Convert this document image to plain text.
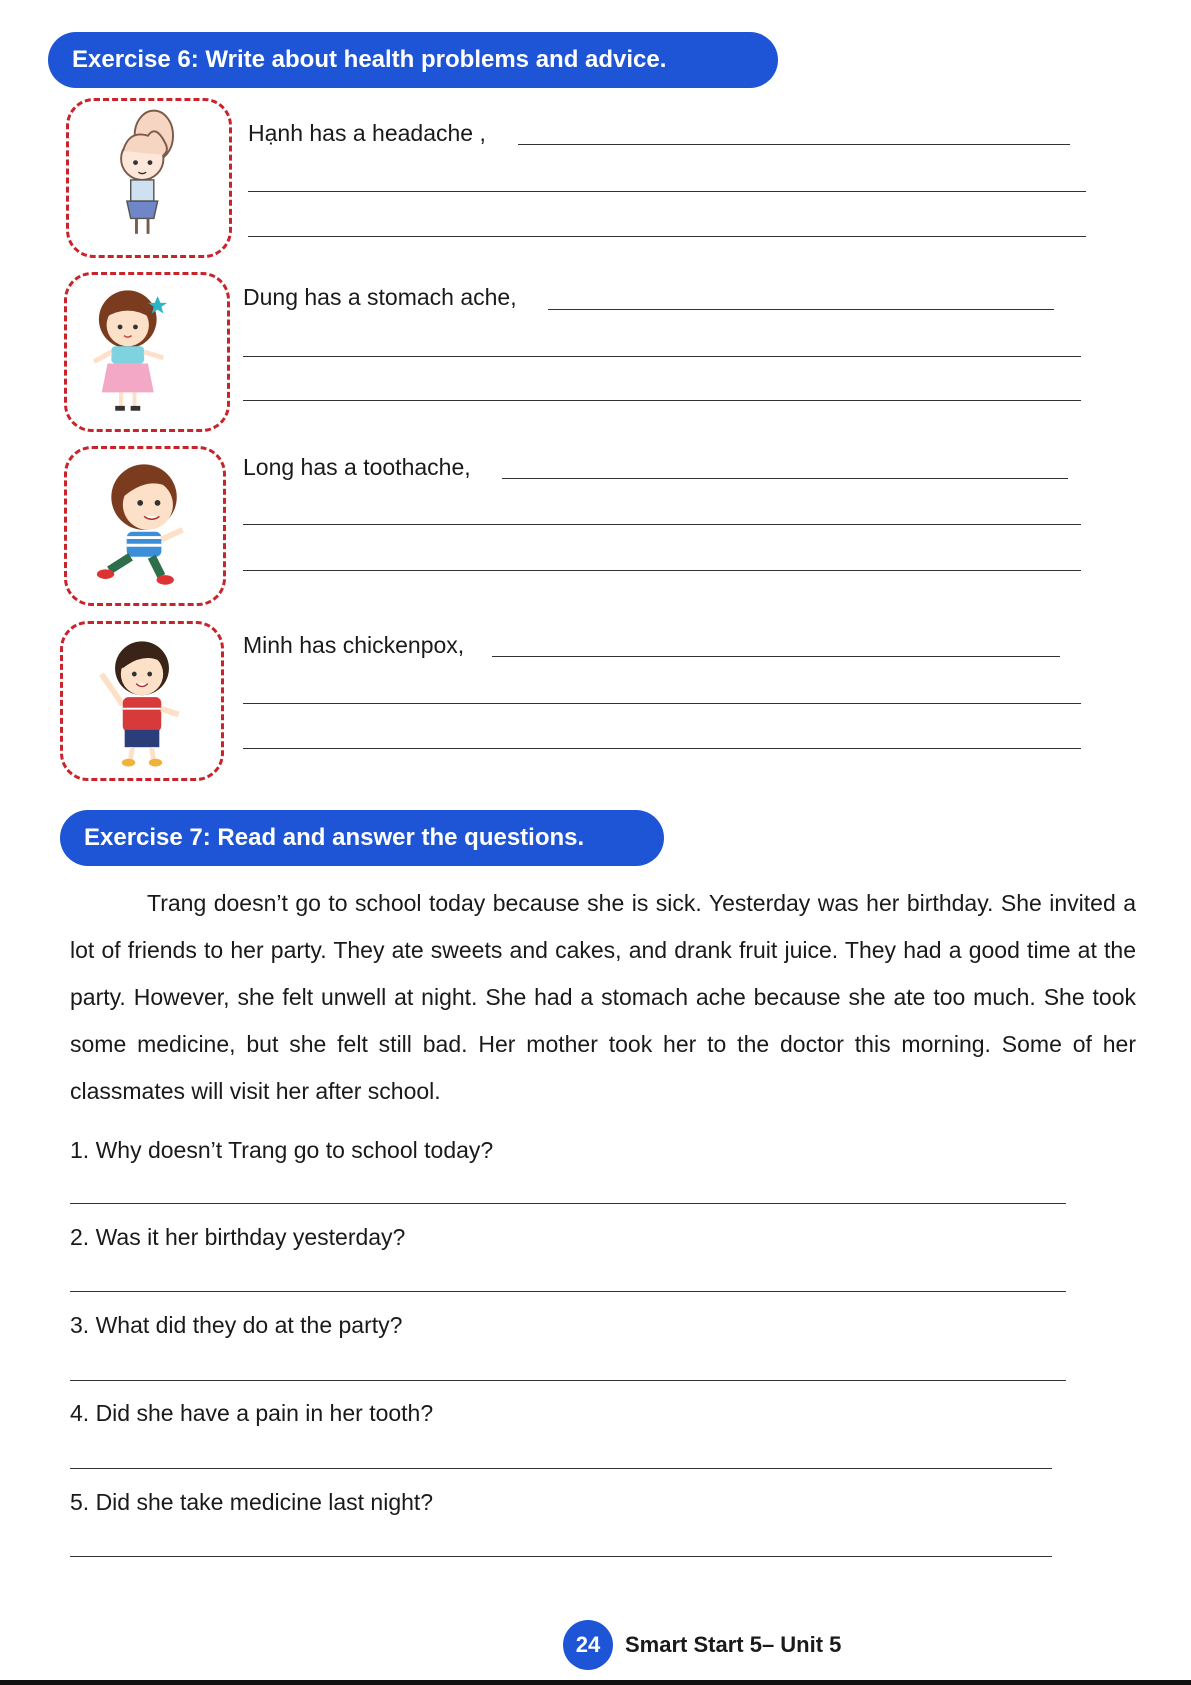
Exercise 6: Write about health problems and advice.
Hạnh has a headache ,
Dung has a stomach ache,
Long has a toothache,
Minh has chickenpox,
Exercise 7: Read and answer the questions.

Trang doesn’t go to school today because she is sick. Yesterday was her birthday. She invited a lot of friends to her party. They ate sweets and cakes, and drank fruit juice. They had a good time at the party. However, she felt unwell at night. She had a stomach ache because she ate too much. She took some medicine, but she felt still bad. Her mother took her to the doctor this morning. Some of her classmates will visit her after school.

1. Why doesn’t Trang go to school today?
2. Was it her birthday yesterday?
3. What did they do at the party?
4. Did she have a pain in her tooth?
5. Did she take medicine last night?
24	Smart Start 5– Unit 5
